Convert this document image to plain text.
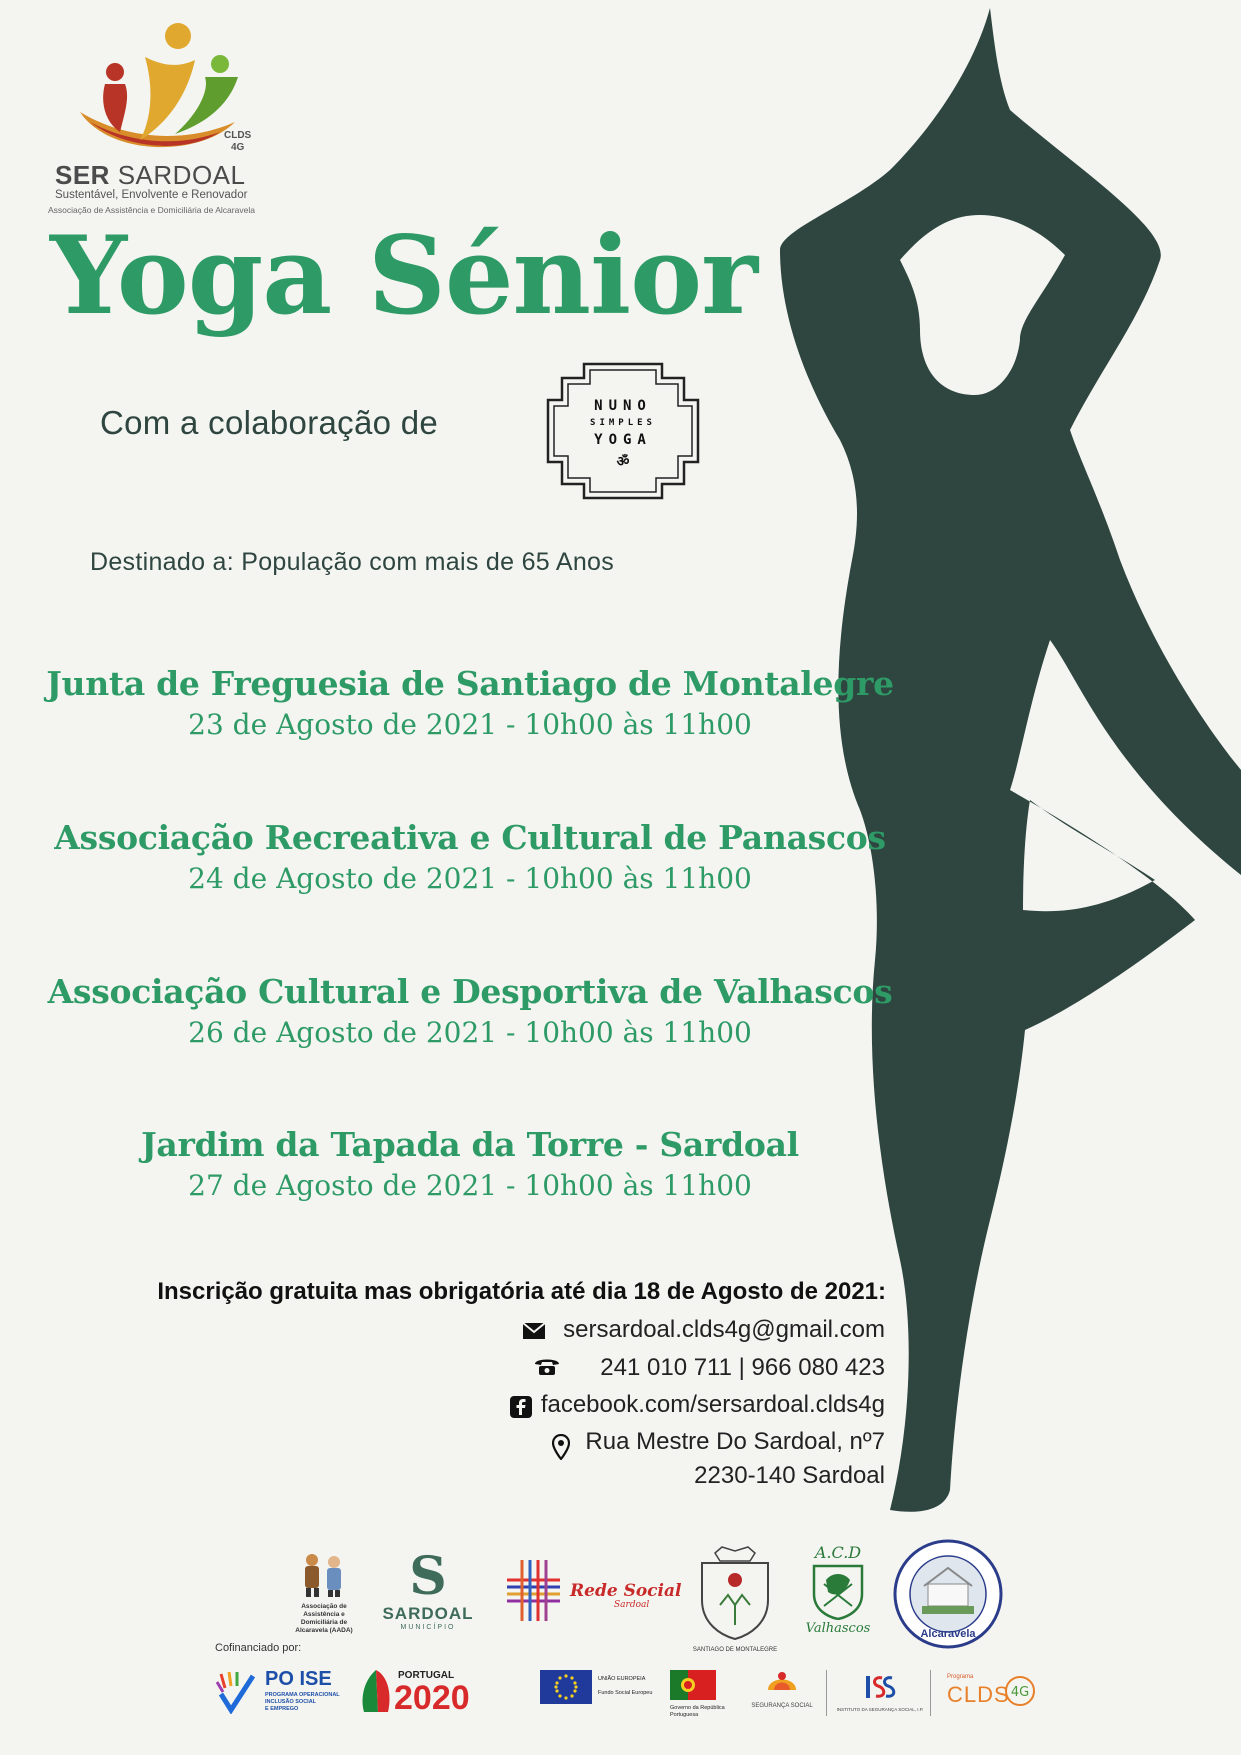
CLDS
4G
SER SARDOAL
Sustentável, Envolvente e Renovador
Associação de Assistência e Domiciliária de Alcaravela
Yoga Sénior
Com a colaboração de	NUNO
SIMPLES
YOGA
ॐ
Destinado a: População com mais de 65 Anos
Junta de Freguesia de Santiago de Montalegre
23 de Agosto de 2021 - 10h00 às 11h00
Associação Recreativa e Cultural de Panascos
24 de Agosto de 2021 - 10h00 às 11h00
Associação Cultural e Desportiva de Valhascos
26 de Agosto de 2021 - 10h00 às 11h00
Jardim da Tapada da Torre - Sardoal
27 de Agosto de 2021 - 10h00 às 11h00
Inscrição gratuita mas obrigatória até dia 18 de Agosto de 2021:
sersardoal.clds4g@gmail.com
241 010 711 | 966 080 423
facebook.com/sersardoal.clds4g
Rua Mestre Do Sardoal, nº7
2230-140 Sardoal
Associação de Assistência e Domiciliária de Alcaravela (AADA)
S
SARDOAL
MUNICÍPIO
Rede Social
Sardoal
SANTIAGO DE MONTALEGRE
A.C.D
Valhascos	Alcaravela
Cofinanciado por:
PO ISE
PROGRAMA OPERACIONAL
INCLUSÃO SOCIAL
E EMPREGO
PORTUGAL
2020	UNIÃO EUROPEIA
Fundo Social Europeu
Governo da República Portuguesa
SEGURANÇA SOCIAL
INSTITUTO DA SEGURANÇA SOCIAL, I.P.
Programa
CLDS 4G
